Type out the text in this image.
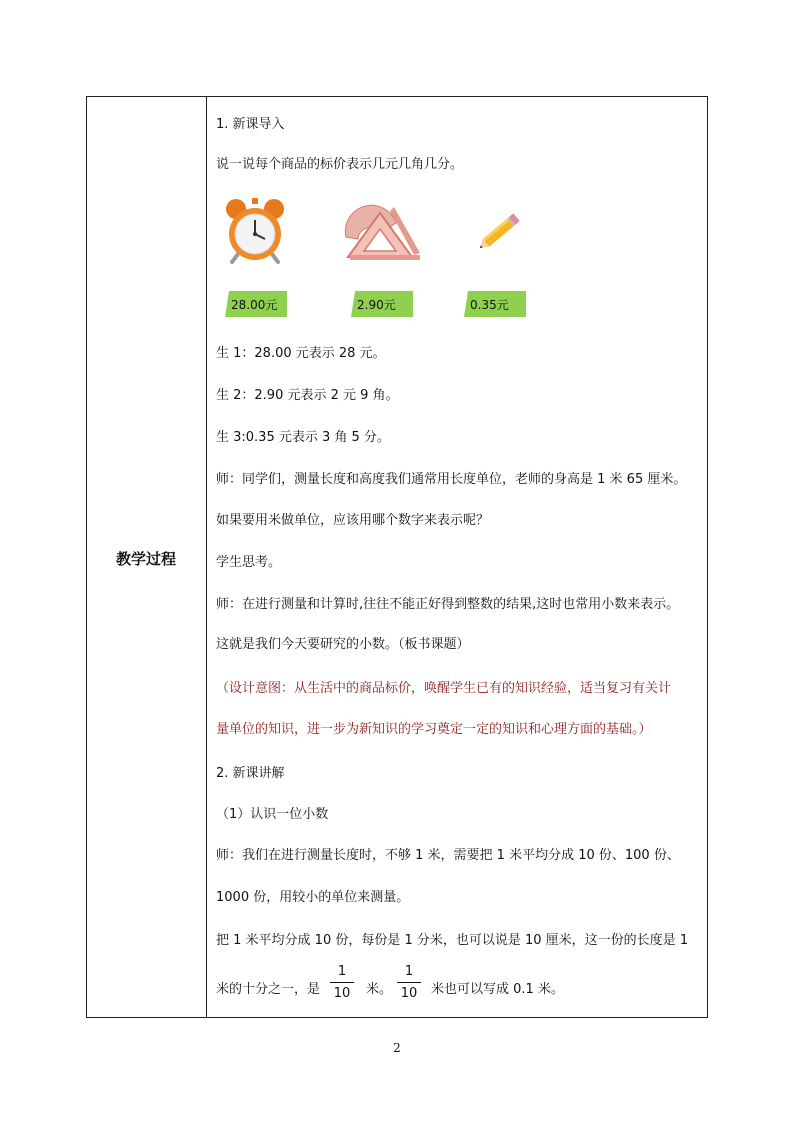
教学过程
1. 新课导入
说一说每个商品的标价表示几元几角几分。
28.00元	2.90元	0.35元
生 1：28.00 元表示 28 元。
生 2：2.90 元表示 2 元 9 角。
生 3:0.35 元表示 3 角 5 分。
师：同学们，测量长度和高度我们通常用长度单位，老师的身高是 1 米 65 厘米。
如果要用米做单位，应该用哪个数字来表示呢？
学生思考。
师：在进行测量和计算时,往往不能正好得到整数的结果,这时也常用小数来表示。
这就是我们今天要研究的小数。（板书课题）
（设计意图：从生活中的商品标价，唤醒学生已有的知识经验，适当复习有关计
量单位的知识，进一步为新知识的学习奠定一定的知识和心理方面的基础。）
2. 新课讲解
（1）认识一位小数
师：我们在进行测量长度时，不够 1 米，需要把 1 米平均分成 10 份、100 份、
1000 份，用较小的单位来测量。
把 1 米平均分成 10 份，每份是 1 分米，也可以说是 10 厘米，这一份的长度是 1
米的十分之一，是
1
10 米。
1
10 米也可以写成 0.1 米。
2
